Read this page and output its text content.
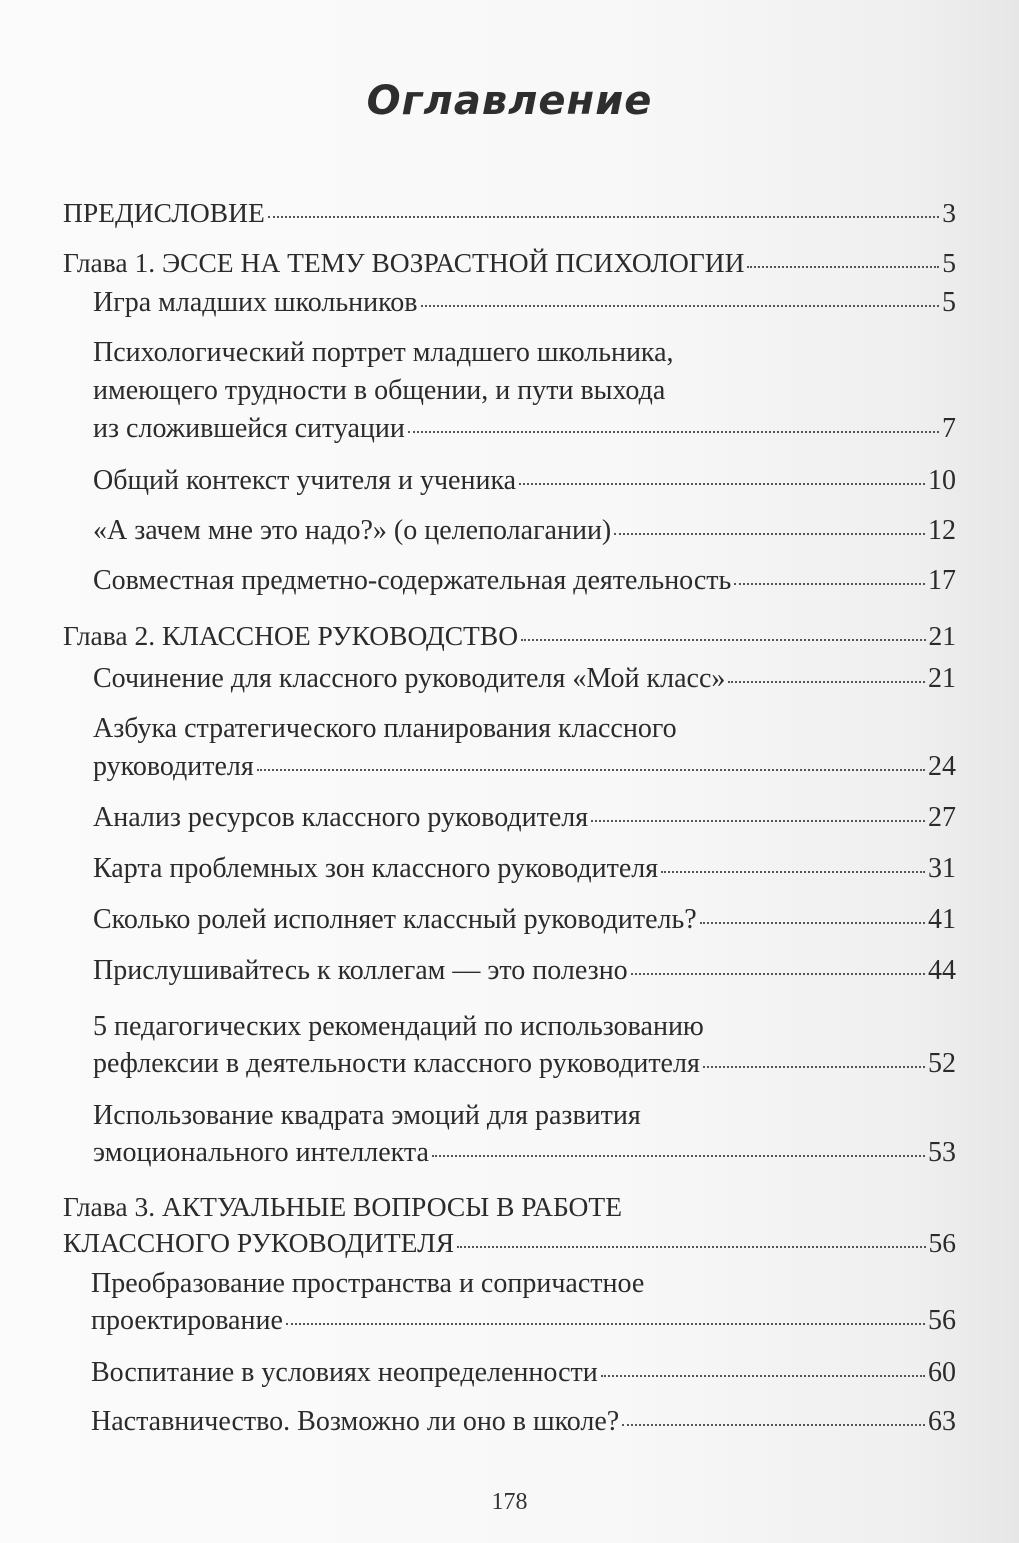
Оглавление
ПРЕДИСЛОВИЕ	3
Глава 1. ЭССЕ НА ТЕМУ ВОЗРАСТНОЙ ПСИХОЛОГИИ	5
Игра младших школьников	5
Психологический портрет младшего школьника,
имеющего трудности в общении, и пути выхода
из сложившейся ситуации	7
Общий контекст учителя и ученика	10
«А зачем мне это надо?» (о целеполагании)	12
Совместная предметно-содержательная деятельность	17
Глава 2. КЛАССНОЕ РУКОВОДСТВО	21
Сочинение для классного руководителя «Мой класс»	21
Азбука стратегического планирования классного
руководителя	24
Анализ ресурсов классного руководителя	27
Карта проблемных зон классного руководителя	31
Сколько ролей исполняет классный руководитель?	41
Прислушивайтесь к коллегам — это полезно	44
5 педагогических рекомендаций по использованию
рефлексии в деятельности классного руководителя	52
Использование квадрата эмоций для развития
эмоционального интеллекта	53
Глава 3. АКТУАЛЬНЫЕ ВОПРОСЫ В РАБОТЕ
КЛАССНОГО РУКОВОДИТЕЛЯ	56
Преобразование пространства и сопричастное
проектирование	56
Воспитание в условиях неопределенности	60
Наставничество. Возможно ли оно в школе?	63
178
